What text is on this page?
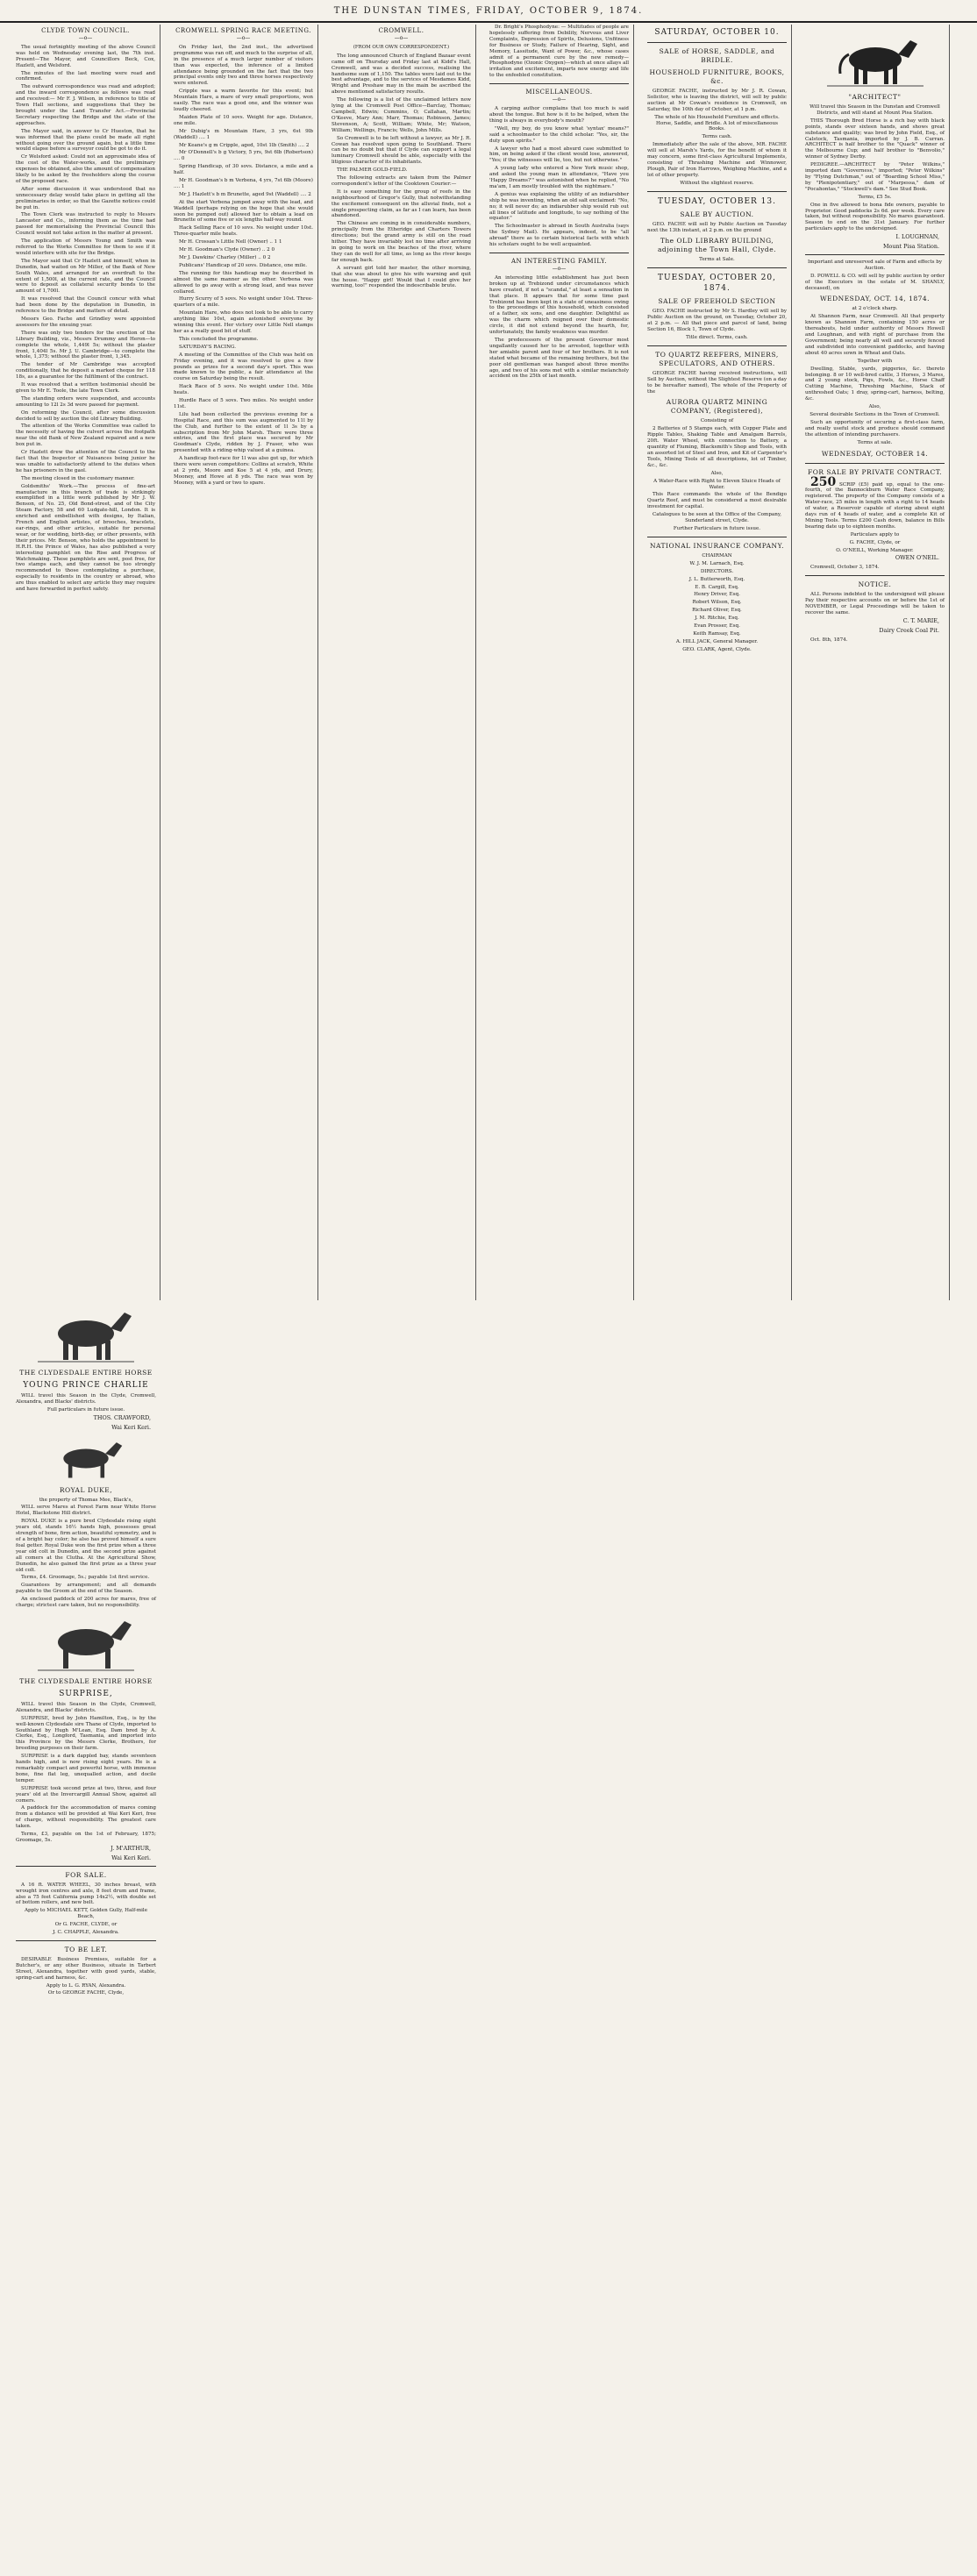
THE DUNSTAN TIMES, FRIDAY, OCTOBER 9, 1874.
CLYDE TOWN COUNCIL.
—o—

The usual fortnightly meeting of the above Council was held on Wednesday evening last, the 7th inst. Present—The Mayor, and Councillors Beck, Cox, Hazlett, and Welsford.

The minutes of the last meeting were read and confirmed.

The outward correspondence was read and adopted; and the inward correspondence as follows was read and received:— Mr F. J. Wilson, in reference to title of Town Hall sections, and suggestions that they be brought under the Land Transfer Act.—Provincial Secretary respecting the Bridge and the state of the approaches.

The Mayor said, in answer to Cr Hueston, that he was informed that the plans could be made all right without going over the ground again, but a little time would elapse before a surveyor could be got to do it.

Cr Welsford asked: Could not an approximate idea of the cost of the Water-works, and the preliminary expenses be obtained, also the amount of compensation likely to be asked by the freeholders along the course of the proposed race.

After some discussion it was understood that no unnecessary delay would take place in getting all the preliminaries in order, so that the Gazette notices could be put in.

The Town Clerk was instructed to reply to Messrs Lancaster and Co., informing them as the time had passed for memorialising the Provincial Council this Council would not take action in the matter at present.

The application of Messrs Young and Smith was referred to the Works Committee for them to see if it would interfere with site for the Bridge.

The Mayor said that Cr Hazlett and himself, when in Dunedin, had waited on Mr Miller, of the Bank of New South Wales, and arranged for an overdraft to the extent of 1,500l, at the current rate, and the Council were to deposit as collateral security bonds to the amount of 1,700l.

It was resolved that the Council concur with what had been done by the deputation in Dunedin, in reference to the Bridge and matters of detail.

Messrs Geo. Fache and Grindley were appointed assessors for the ensuing year.

There was only two tenders for the erection of the Library Building, viz., Messrs Drummy and Heron—to complete the whole, 1,449l 5s; without the plaster front, 1,404l 5s. Mr J. U. Cambridge—to complete the whole, 1,375; without the plaster front, 1,345.

The tender of Mr Cambridge was accepted conditionally, that he deposit a marked cheque for 118 18s, as a guarantee for the fulfilment of the contract.

It was resolved that a written testimonial should be given to Mr E. Toole, the late Town Clerk.

The standing orders were suspended, and accounts amounting to 12l 2s 3d were passed for payment.

On reforming the Council, after some discussion decided to sell by auction the old Library Building.

The attention of the Works Committee was called to the necessity of having the culvert across the footpath near the old Bank of New Zealand repaired and a new box put in.

Cr Hazlett drew the attention of the Council to the fact that the Inspector of Nuisances being junior he was unable to satisfactorily attend to the duties when he has prisoners in the gaol.

The meeting closed in the customary manner.

Goldsmiths' Work.—The process of fine-art manufacture in this branch of trade is strikingly exemplified in a little work published by Mr J. W. Benson, of No. 25, Old Bond-street, and of the City Steam Factory, 58 and 60 Ludgate-hill, London. It is enriched and embellished with designs, by Italian, French and English artistes, of brooches, bracelets, ear-rings, and other articles, suitable for personal wear, or for wedding, birth-day, or other presents, with their prices. Mr. Benson, who holds the appointment to H.R.H. the Prince of Wales, has also published a very interesting pamphlet on the Rise and Progress of Watchmaking. These pamphlets are sent, post free, for two stamps each, and they cannot be too strongly recommended to those contemplating a purchase, especially to residents in the country or abroad, who are thus enabled to select any article they may require and have forwarded in perfect safety.

CROMWELL SPRING RACE MEETING.
—o—

On Friday last, the 2nd inst., the advertised programme was ran off, and much to the surprise of all, in the presence of a much larger number of visitors than was expected, the inference of a limited attendance being grounded on the fact that the two principal events only two and three horses respectively were entered.

Cripple was a warm favorite for this event; but Mountain Hare, a mare of very small proportions, won easily. The race was a good one, and the winner was loudly cheered.

Maiden Plate of 10 sovs. Weight for age. Distance, one mile.

Mr Dubig's m Mountain Hare, 3 yrs, 6st 9lb (Waddell) .... 1

Mr Keane's g m Cripple, aged, 10st 1lb (Smith) .... 2

Mr O'Donnell's b g Victory, 5 yrs, 9st 6lb (Robertson) .... 0

Spring Handicap, of 30 sovs. Distance, a mile and a half.

Mr H. Goodman's b m Verbena, 4 yrs, 7st 6lb (Moore) .... 1

Mr J. Hazlett's b m Brunette, aged 9st (Waddell) .... 2

At the start Verbena jumped away with the lead, and Waddell (perhaps relying on the hope that she would soon be pumped out) allowed her to obtain a lead on Brunette of some five or six lengths half-way round.

Hack Selling Race of 10 sovs. No weight under 10st. Three-quarter mile heats.

Mr H. Crossan's Little Nell (Owner) .. 1 1

Mr H. Goodman's Clyde (Owner) .. 2 0

Mr J. Dawkins' Charley (Miller) .. 0 2

Publicans' Handicap of 20 sovs. Distance, one mile.

The running for this handicap may be described in almost the same manner as the other. Verbena was allowed to go away with a strong lead, and was never collared.

Hurry Scurry of 5 sovs. No weight under 10st. Three-quarters of a mile.

Mountain Hare, who does not look to be able to carry anything like 10st, again astonished everyone by winning this event. Her victory over Little Nell stamps her as a really good bit of stuff.

This concluded the programme.

SATURDAY'S RACING.

A meeting of the Committee of the Club was held on Friday evening, and it was resolved to give a few pounds as prizes for a second day's sport. This was made known to the public, a fair attendance at the course on Saturday being the result.

Hack Race of 5 sovs. No weight under 10st. Mile heats.

Hurdle Race of 5 sovs. Two miles. No weight under 11st.

Lilu had been collected the previous evening for a Hospital Race, and this sum was augmented to 11l by the Club, and further to the extent of 1l 3s by a subscription from Mr John Marsh. There were three entries, and the first place was secured by Mr Goodman's Clyde, ridden by J. Fraser, who was presented with a riding-whip valued at a guinea.

A handicap foot-race for 1l was also got up, for which there were seven competitors: Collins at scratch, White at 2 yrds, Moore and Koe 5 at 4 yds, and Drury, Mooney, and Howe at 8 yds. The race was won by Mooney, with a yard or two to spare.

CROMWELL.
—o—
(FROM OUR OWN CORRESPONDENT.)

The long announced Church of England Bazaar event came off on Thursday and Friday last at Kidd's Hall, Cromwell, and was a decided success, realising the handsome sum of 1,150. The tables were laid out to the best advantage, and to the services of Mesdames Kidd, Wright and Preshaw may in the main be ascribed the above mentioned satisfactory results.

The following is a list of the unclaimed letters now lying at the Cromwell Post Office—Barclay, Thomas; Campbell, Edwin; Cummins, O; Callahan, Martin; O'Keeve, Mary Ann; Marr, Thomas; Robinson, James; Stevenson, A; Scott, William; White, Mr; Watson, William; Wellings, Francis; Wells, John Mills.

So Cromwell is to be left without a lawyer, as Mr J. R. Cowan has resolved upon going to Southland. There can be no doubt but that if Clyde can support a legal luminary Cromwell should be able, especially with the litigious character of its inhabitants.

THE PALMER GOLD-FIELD.

The following extracts are taken from the Palmer correspondent's letter of the Cooktown Courier:—

It is easy something for the group of reefs in the neighbourhood of Gregor's Gully, that notwithstanding the excitement consequent on the alluvial finds, not a single prospecting claim, as far as I can learn, has been abandoned.

The Chinese are coming in in considerable numbers, principally from the Etheridge and Charters Towers directions; but the grand army is still on the road hither. They have invariably lost no time after arriving in going to work on the beaches of the river, where they can do well for all time, as long as the river keeps far enough back.

A servant girl told her master, the other morning, that she was about to give his wife warning and quit the house. "Happy girl! Would that I could give her warning, too!" responded the indescribable brute.

Dr. Bright's Phosphodyne: — Multitudes of people are hopelessly suffering from Debility, Nervous and Liver Complaints, Depression of Spirits, Delusions, Unfitness for Business or Study, Failure of Hearing, Sight, and Memory, Lassitude, Want of Power, &c., whose cases admit of a permanent cure by the new remedy—Phosphodyne (Ozonic Oxygen)—which at once allays all irritation and excitement, imparts new energy and life to the enfeebled constitution.

MISCELLANEOUS.
—o—

A carping author complains that too much is said about the tongue. But how is it to be helped, when the thing is always in everybody's mouth?

"Well, my boy, do you know what 'syntax' means?" said a schoolmaster to the child scholar. "Yes, sir, the duty upon spirits."

A lawyer who had a most absurd case submitted to him, on being asked if the client would lose, answered, "Yes; if the witnesses will lie, too, but not otherwise."

A young lady who entered a New York music shop, and asked the young man in attendance, "Have you 'Happy Dreams?'" was astonished when he replied, "No ma'am, I am mostly troubled with the nightmare."

A genius was explaining the utility of an indiarubber ship he was inventing, when an old salt exclaimed: "No, no; it will never do; an indiarubber ship would rub out all lines of latitude and longitude, to say nothing of the equator."

The Schoolmaster is abroad in South Australia (says the Sydney Mail). He appears, indeed, to be "all abroad" there as to certain historical facts with which his scholars ought to be well acquainted.

AN INTERESTING FAMILY.
—o—

An interesting little establishment has just been broken up at Trebizond under circumstances which have created, if not a "scandal," at least a sensation in that place. It appears that for some time past Trebizond has been kept in a state of uneasiness owing to the proceedings of this household, which consisted of a father, six sons, and one daughter. Delightful as was the charm which reigned over their domestic circle, it did not extend beyond the hearth, for, unfortunately, the family weakness was murder.

The predecessors of the present Governor most ungallantly caused her to be arrested, together with her amiable parent and four of her brothers. It is not stated what became of the remaining brothers, but the poor old gentleman was hanged about three months ago, and two of his sons met with a similar melancholy accident on the 25th of last month.

SATURDAY, OCTOBER 10.
SALE of HORSE, SADDLE, and BRIDLE.
HOUSEHOLD FURNITURE, BOOKS, &c.

GEORGE FACHE, instructed by Mr J. R. Cowan, Solicitor, who is leaving the district, will sell by public auction at Mr Cowan's residence in Cromwell, on Saturday, the 10th day of October, at 1 p.m.

The whole of his Household Furniture and effects. Horse, Saddle, and Bridle. A lot of miscellaneous Books.

Terms cash.

Immediately after the sale of the above, MR. FACHE will sell at Marsh's Yards, for the benefit of whom it may concern, some first-class Agricultural Implements, consisting of Thrashing Machine and Winnower, Plough, Pair of Iron Harrows, Weighing Machine, and a lot of other property.

Without the slightest reserve.

TUESDAY, OCTOBER 13.
SALE BY AUCTION.

GEO. FACHE will sell by Public Auction on Tuesday next the 13th instant, at 2 p.m. on the ground

The OLD LIBRARY BUILDING, adjoining the Town Hall, Clyde.

Terms at Sale.

TUESDAY, OCTOBER 20, 1874.
SALE OF FREEHOLD SECTION

GEO. FACHE instructed by Mr S. Hardley will sell by Public Auction on the ground, on Tuesday, October 20, at 2 p.m. — All that piece and parcel of land, being Section 16, Block 1, Town of Clyde.

Title direct. Terms, cash.

TO QUARTZ REEFERS, MINERS, SPECULATORS, AND OTHERS.

GEORGE FACHE having received instructions, will Sell by Auction, without the Slightest Reserve (on a day to be hereafter named), The whole of the Property of the

AURORA QUARTZ MINING COMPANY, (Registered),

Consisting of

2 Batteries of 5 Stamps each, with Copper Plate and Ripple Tables, Shaking Table and Amalgam Barrels, 20ft. Water Wheel, with connection to Battery, a quantity of Fluming, Blacksmith's Shop and Tools, with an assorted lot of Steel and Iron, and Kit of Carpenter's Tools, Mining Tools of all descriptions, lot of Timber, &c., &c.

Also,

A Water-Race with Right to Eleven Sluice Heads of Water.

This Race commands the whole of the Bendigo Quartz Reef, and must be considered a most desirable investment for capital.

Catalogues to be seen at the Office of the Company, Sunderland street, Clyde.

Further Particulars in future issue.

NATIONAL INSURANCE COMPANY.

CHAIRMAN

W. J. M. Larnach, Esq.

DIRECTORS.

J. L. Butterworth, Esq.

E. B. Cargill, Esq.

Henry Driver, Esq.

Robert Wilson, Esq.

Richard Oliver, Esq.

J. M. Ritchie, Esq.

Evan Prosser, Esq.

Keith Ramsay, Esq.

A. HILL JACK, General Manager.

GEO. CLARK, Agent, Clyde.

"ARCHITECT"

Will travel this Season in the Dunstan and Cromwell Districts, and will stand at Mount Pisa Station.

THIS Thorough Bred Horse is a rich bay with black points, stands over sixteen hands, and shows great substance and quality; was bred by John Field, Esq., of Calstock, Tasmania, imported by J. B. Curran. ARCHITECT is half brother to the "Quack" winner of the Melbourne Cup; and half brother to "Benvolio," winner of Sydney Derby.

PEDIGREE.—ARCHITECT by "Peter Wilkins," imported dam "Governess," imported; "Peter Wilkins" by "Flying Dutchman," out of "Boarding School Miss," by "Plenipotentiary," out of "Marpessa," dam of "Pocahontas," "Stockwell's dam." See Stud Book.

Terms, £5 5s.

One in five allowed to bona fide owners, payable to Proprietor. Good paddocks 2s 6d. per week. Every care taken, but without responsibility. No mares guaranteed. Season to end on the 31st January. For further particulars apply to the undersigned.

I. LOUGHNAN,
Mount Pisa Station.

Important and unreserved sale of Farm and effects by Auction.

D. POWELL & CO. will sell by public auction by order of the Executors in the estate of M. SHANLY, deceased), on

WEDNESDAY, OCT. 14, 1874.

at 2 o'clock sharp.

At Shannon Farm, near Cromwell. All that property known as Shannon Farm, containing 150 acres or thereabouts, held under authority of Messrs Howell and Loughnan, and with right of purchase from the Government; being nearly all well and securely fenced and subdivided into convenient paddocks, and having about 40 acres sown in Wheat and Oats.

Together with

Dwelling, Stable, yards, piggeries, &c. thereto belonging. 8 or 10 well-bred cattle, 3 Horses, 3 Mares, and 2 young stock, Pigs, Fowls, &c., Horse Chaff Cutting Machine, Threshing Machine, Stack of unthreshed Oats; 1 dray, spring-cart, harness, belting, &c.

Also,

Several desirable Sections in the Town of Cromwell.

Such an opportunity of securing a first-class farm, and really useful stock and produce should command the attention of intending purchasers.

Terms at sale.

WEDNESDAY, OCTOBER 14.
FOR SALE BY PRIVATE CONTRACT.

250 SCRIP (£5) paid up, equal to the one-fourth, of the Bannockburn Water Race Company, registered. The property of the Company consists of a Water-race, 25 miles in length with a right to 14 heads of water, a Reservoir capable of storing about eight days run of 4 heads of water, and a complete Kit of Mining Tools. Terms £200 Cash down, balance in Bills bearing date up to eighteen months.

Particulars apply to

G. FACHE, Clyde, or

O. O'NEILL, Working Manager.

OWEN O'NEIL.

Cromwell, October 3, 1874.

NOTICE.

ALL Persons indebted to the undersigned will please Pay their respective accounts on or before the 1st of NOVEMBER, or Legal Proceedings will be taken to recover the same.

C. T. MARIE,
Dairy Creek Coal Pit.

Oct. 8th, 1874.

THE CLYDESDALE ENTIRE HORSE
YOUNG PRINCE CHARLIE

WILL travel this Season in the Clyde, Cromwell, Alexandra, and Blacks' districts.

Full particulars in future issue.

THOS. CRAWFORD,
Wai Keri Keri.
ROYAL DUKE,

the property of Thomas Mee, Black's,

WILL serve Mares at Forest Farm near White Horse Hotel, Blackstone Hill district.

ROYAL DUKE is a pure bred Clydesdale rising eight years old, stands 16½ hands high, possesses great strength of bone, firm action, beautiful symmetry, and is of a bright bay color; he also has proved himself a sure foal getter. Royal Duke won the first prize when a three year old colt in Dunedin, and the second prize against all comers at the Clutha. At the Agricultural Show, Dunedin, he also gained the first prize as a three year old colt.

Terms, £4. Groomage, 5s.; payable 1st first service.

Guarantees by arrangement; and all demands payable to the Groom at the end of the Season.

An enclosed paddock of 200 acres for mares, free of charge; strictest care taken, but no responsibility.

THE CLYDESDALE ENTIRE HORSE
SURPRISE,

WILL travel this Season in the Clyde, Cromwell, Alexandra, and Blacks' districts.

SURPRISE, bred by John Hamilton, Esq., is by the well-known Clydesdale sire Thane of Clyde, imported to Southland by Hugh M'Lean, Esq. Dam bred by A. Clerke, Esq., Longford, Tasmania, and imported into this Province by the Messrs Clerke, Brothers, for breeding purposes on their farm.

SURPRISE is a dark dappled bay, stands seventeen hands high, and is now rising eight years. He is a remarkably compact and powerful horse, with immense bone, fine flat leg, unequalled action, and docile temper.

SURPRISE took second prize at two, three, and four years' old at the Invercargill Annual Show, against all comers.

A paddock for the accommodation of mares coming from a distance will be provided at Wai Keri Keri, free of charge, without responsibility. The greatest care taken.

Terms, £3, payable on the 1st of February, 1875; Groomage, 5s.

J. M'ARTHUR,
Wai Keri Keri.
FOR SALE.

A 16 ft. WATER WHEEL, 30 inches breast, with wrought iron centres and axle, 8 feet drum and frame, also a 75 feet California pump 14x2½, with double set of bottom rollers, and new belt.

Apply to MICHAEL KETT, Golden Gully, Half-mile Beach,

Or G. FACHE, CLYDE, or

J. C. CHAPPLE, Alexandra.

TO BE LET.

DESIRABLE Business Premises, suitable for a Butcher's, or any other Business, situate in Tarbert Street, Alexandra, together with good yards, stable, spring-cart and harness, &c.

Apply to L. G. RYAN, Alexandra.

Or to GEORGE FACHE, Clyde,
